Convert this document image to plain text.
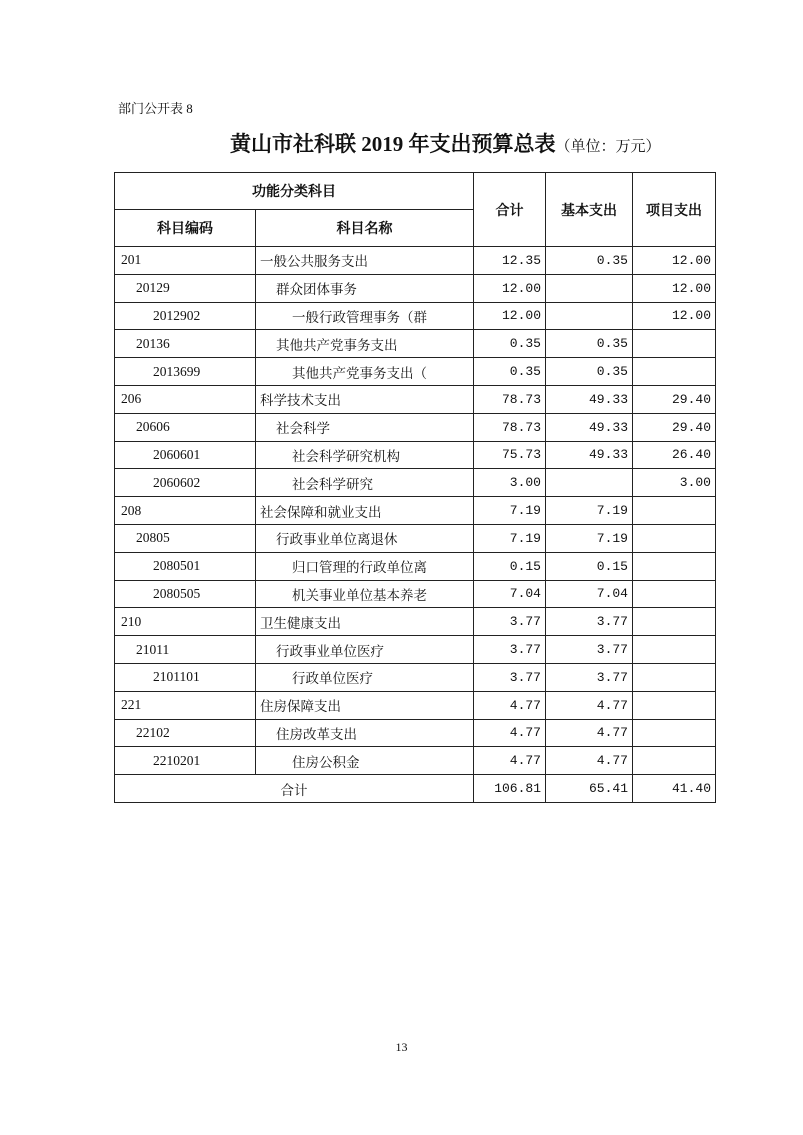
部门公开表 8
黄山市社科联 2019 年支出预算总表（单位：万元）
功能分类科目		合计	基本支出	项目支出
科目编码	科目名称			
201	一般公共服务支出	12.35	0.35	12.00
20129	群众团体事务	12.00		12.00
2012902	一般行政管理事务（群	12.00		12.00
20136	其他共产党事务支出	0.35	0.35	
2013699	其他共产党事务支出（	0.35	0.35	
206	科学技术支出	78.73	49.33	29.40
20606	社会科学	78.73	49.33	29.40
2060601	社会科学研究机构	75.73	49.33	26.40
2060602	社会科学研究	3.00		3.00
208	社会保障和就业支出	7.19	7.19	
20805	行政事业单位离退休	7.19	7.19	
2080501	归口管理的行政单位离	0.15	0.15	
2080505	机关事业单位基本养老	7.04	7.04	
210	卫生健康支出	3.77	3.77	
21011	行政事业单位医疗	3.77	3.77	
2101101	行政单位医疗	3.77	3.77	
221	住房保障支出	4.77	4.77	
22102	住房改革支出	4.77	4.77	
2210201	住房公积金	4.77	4.77	
合计		106.81	65.41	41.40
13
